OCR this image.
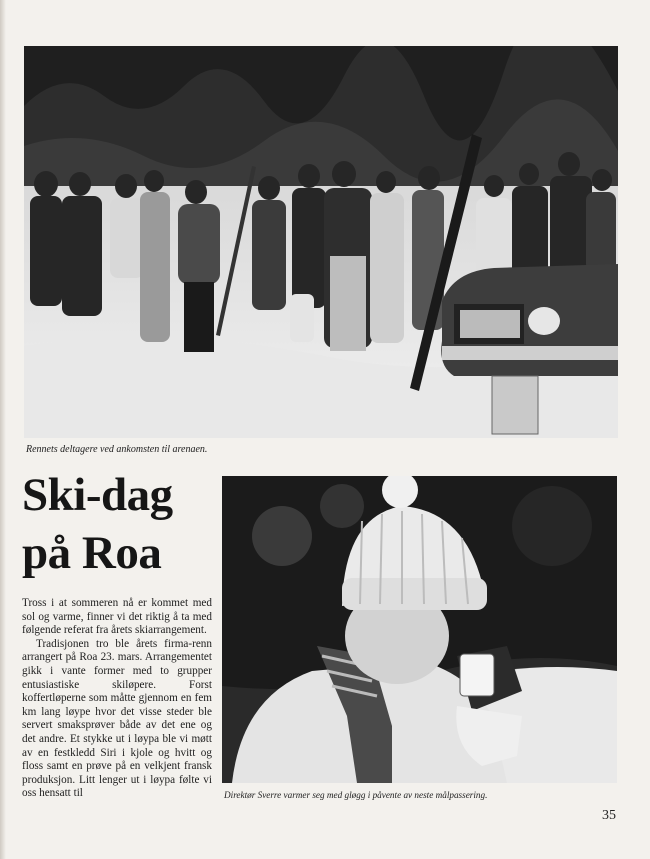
Rennets deltagere ved ankomsten til arenaen.
Ski-dag
på Roa

Tross i at sommeren nå er kommet med sol og varme, finner vi det riktig å ta med følgende referat fra årets skiarrangement.

Tradisjonen tro ble årets firma-renn arrangert på Roa 23. mars. Arrangementet gikk i vante former med to grupper entusiastiske skiløpere. Forst koffertløperne som måtte gjennom en fem km lang løype hvor det visse steder ble servert smaksprøver både av det ene og det andre. Et stykke ut i løypa ble vi møtt av en festkledd Siri i kjole og hvitt og floss samt en prøve på en velkjent fransk produksjon. Litt lenger ut i løypa følte vi oss hensatt til	Direktør Sverre varmer seg med gløgg i påvente av neste målpassering.
35
